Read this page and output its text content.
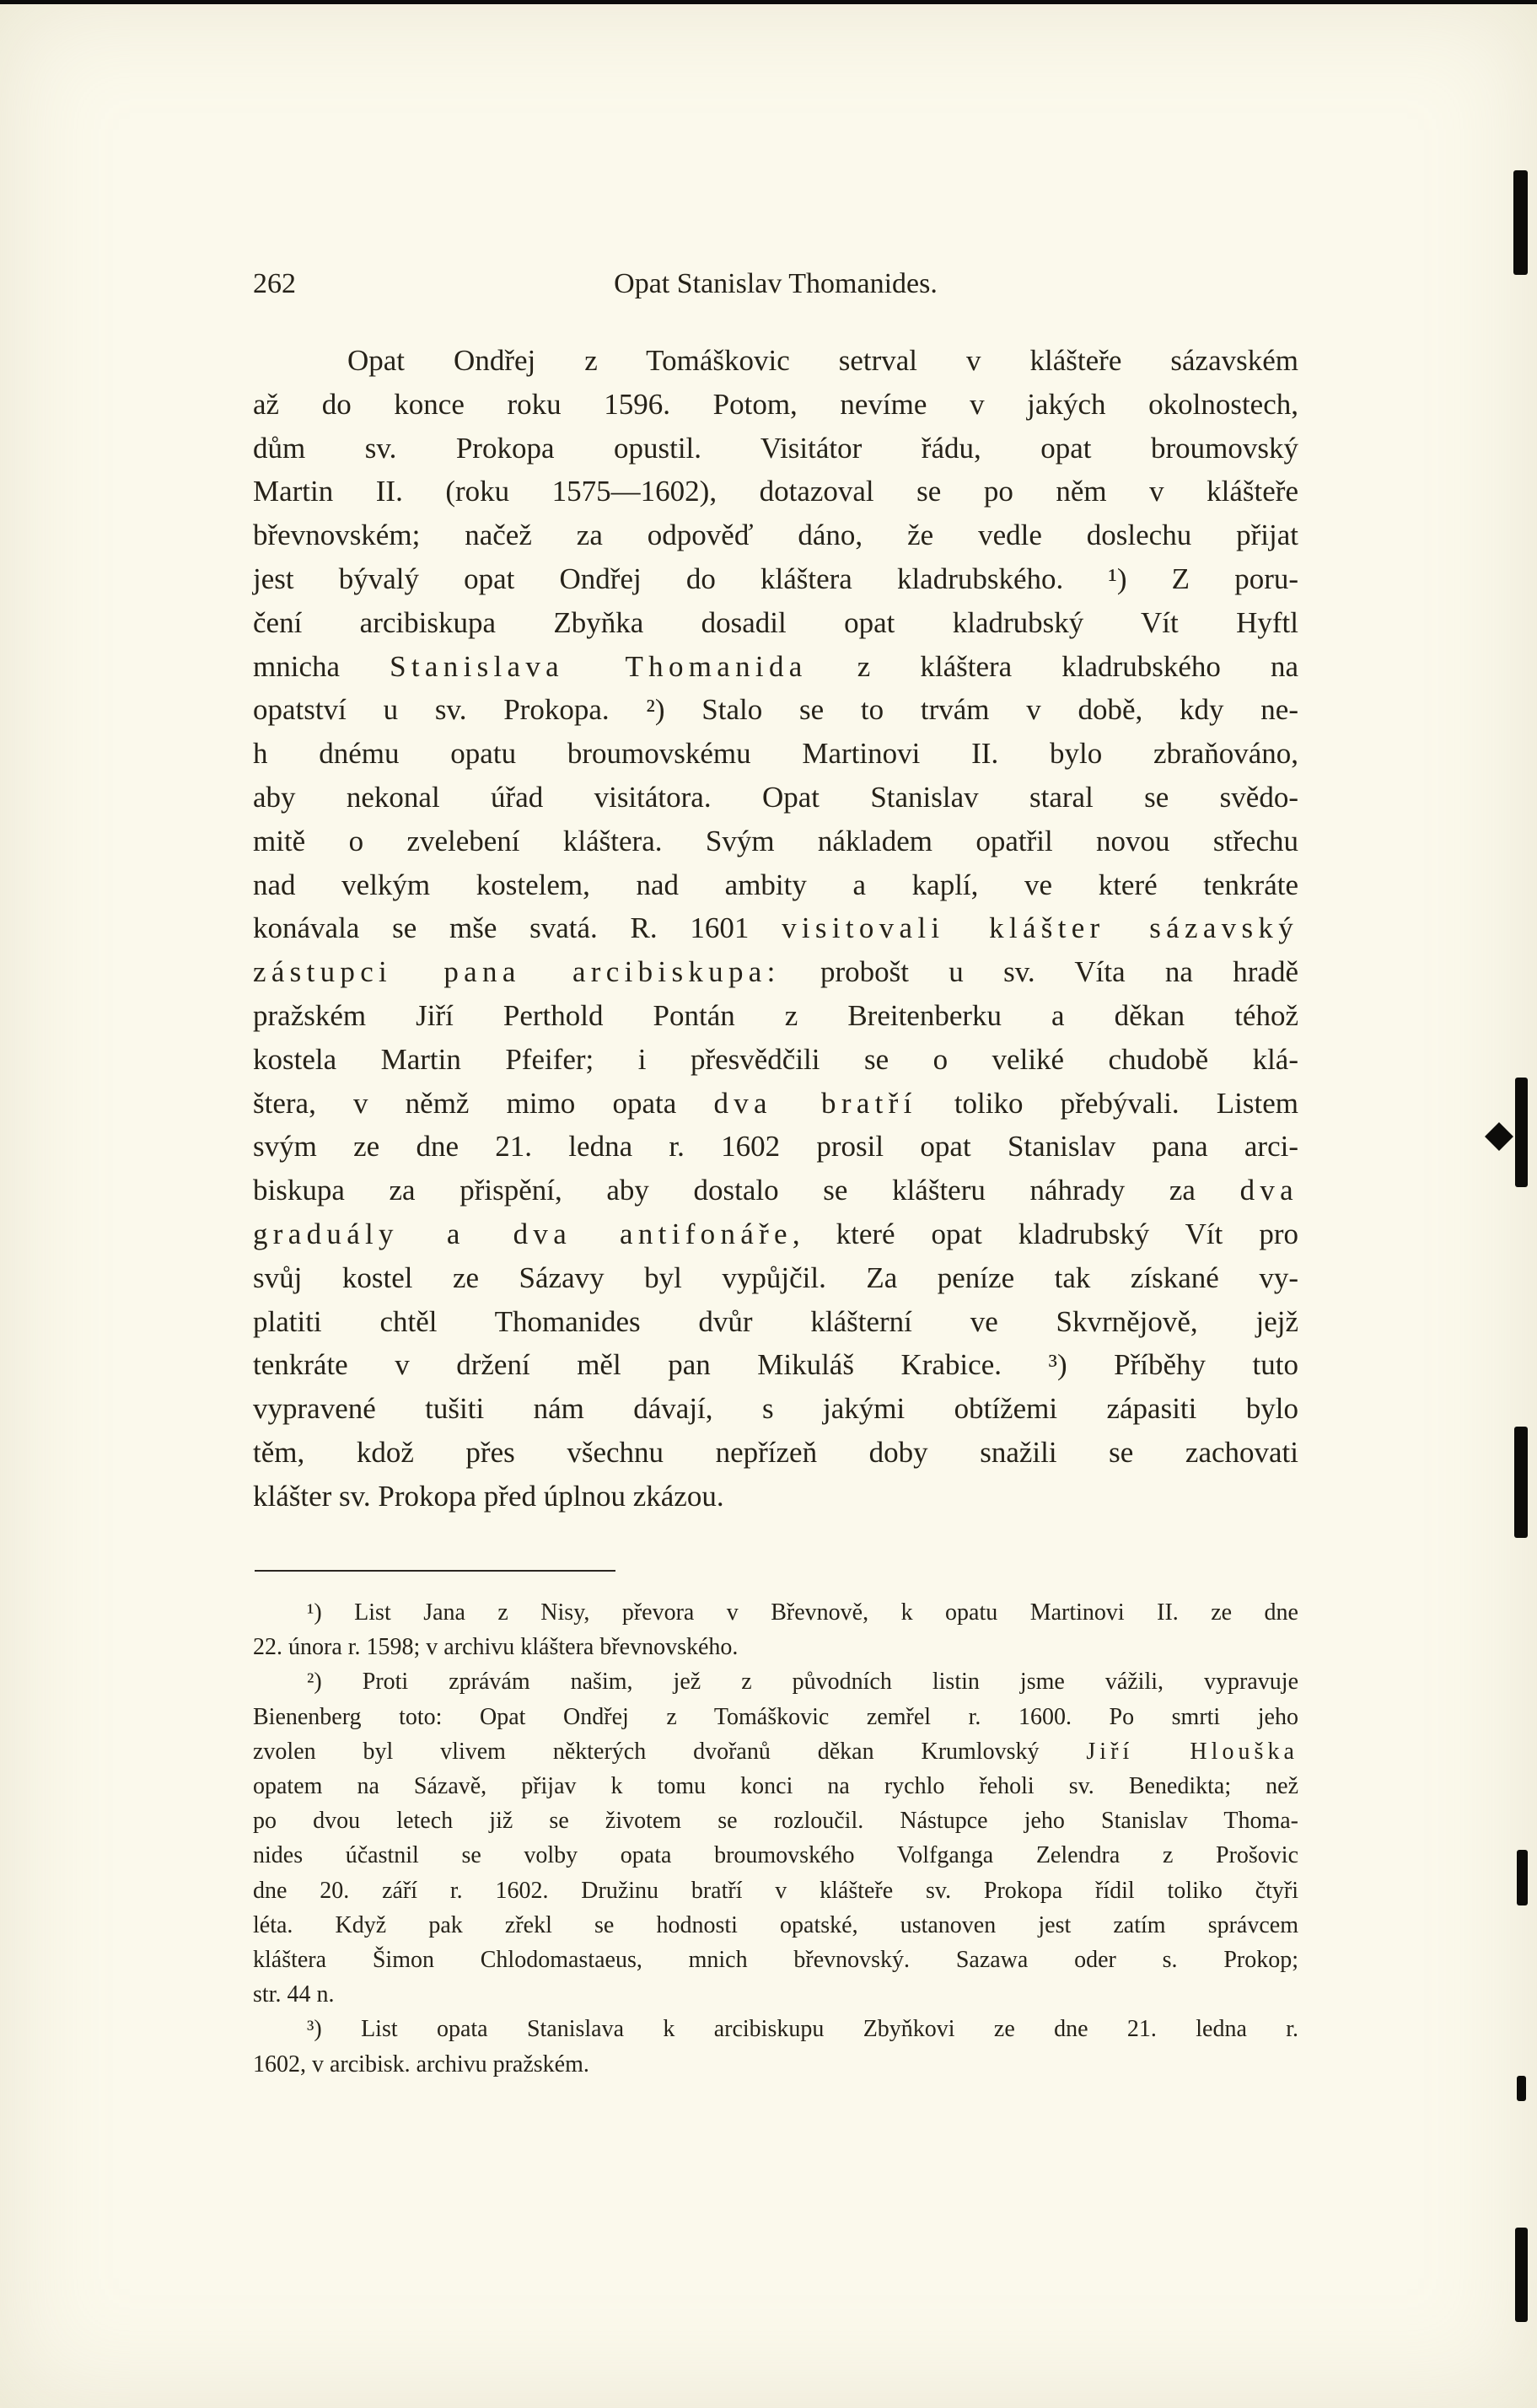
262	Opat Stanislav Thomanides.
Opat Ondřej z Tomáškovic setrval v klášteře sázavském
až do konce roku 1596. Potom, nevíme v jakých okolnostech,
dům sv. Prokopa opustil. Visitátor řádu, opat broumovský
Martin II. (roku 1575—1602), dotazoval se po něm v klášteře
břevnovském; načež za odpověď dáno, že vedle doslechu přijat
jest bývalý opat Ondřej do kláštera kladrubského. ¹) Z poru-
čení arcibiskupa Zbyňka dosadil opat kladrubský Vít Hyftl
mnicha Stanislava Thomanida z kláštera kladrubského na
opatství u sv. Prokopa. ²) Stalo se to trvám v době, kdy ne-
h dnému opatu broumovskému Martinovi II. bylo zbraňováno,
aby nekonal úřad visitátora. Opat Stanislav staral se svědo-
mitě o zvelebení kláštera. Svým nákladem opatřil novou střechu
nad velkým kostelem, nad ambity a kaplí, ve které tenkráte
konávala se mše svatá. R. 1601 visitovali klášter sázavský
zástupci pana arcibiskupa: probošt u sv. Víta na hradě
pražském Jiří Perthold Pontán z Breitenberku a děkan téhož
kostela Martin Pfeifer; i přesvědčili se o veliké chudobě klá-
štera, v němž mimo opata dva bratří toliko přebývali. Listem
svým ze dne 21. ledna r. 1602 prosil opat Stanislav pana arci-
biskupa za přispění, aby dostalo se klášteru náhrady za dva
graduály a dva antifonáře, které opat kladrubský Vít pro
svůj kostel ze Sázavy byl vypůjčil. Za peníze tak získané vy-
platiti chtěl Thomanides dvůr klášterní ve Skvrnějově, jejž
tenkráte v držení měl pan Mikuláš Krabice. ³) Příběhy tuto
vypravené tušiti nám dávají, s jakými obtížemi zápasiti bylo
těm, kdož přes všechnu nepřízeň doby snažili se zachovati
klášter sv. Prokopa před úplnou zkázou.
¹) List Jana z Nisy, převora v Břevnově, k opatu Martinovi II. ze dne
22. února r. 1598; v archivu kláštera břevnovského.
²) Proti zprávám našim, jež z původních listin jsme vážili, vypravuje
Bienenberg toto: Opat Ondřej z Tomáškovic zemřel r. 1600. Po smrti jeho
zvolen byl vlivem některých dvořanů děkan Krumlovský Jiří Hlouška
opatem na Sázavě, přijav k tomu konci na rychlo řeholi sv. Benedikta; než
po dvou letech již se životem se rozloučil. Nástupce jeho Stanislav Thoma-
nides účastnil se volby opata broumovského Volfganga Zelendra z Prošovic
dne 20. září r. 1602. Družinu bratří v klášteře sv. Prokopa řídil toliko čtyři
léta. Když pak zřekl se hodnosti opatské, ustanoven jest zatím správcem
kláštera Šimon Chlodomastaeus, mnich břevnovský. Sazawa oder s. Prokop;
str. 44 n.
³) List opata Stanislava k arcibiskupu Zbyňkovi ze dne 21. ledna r.
1602, v arcibisk. archivu pražském.
